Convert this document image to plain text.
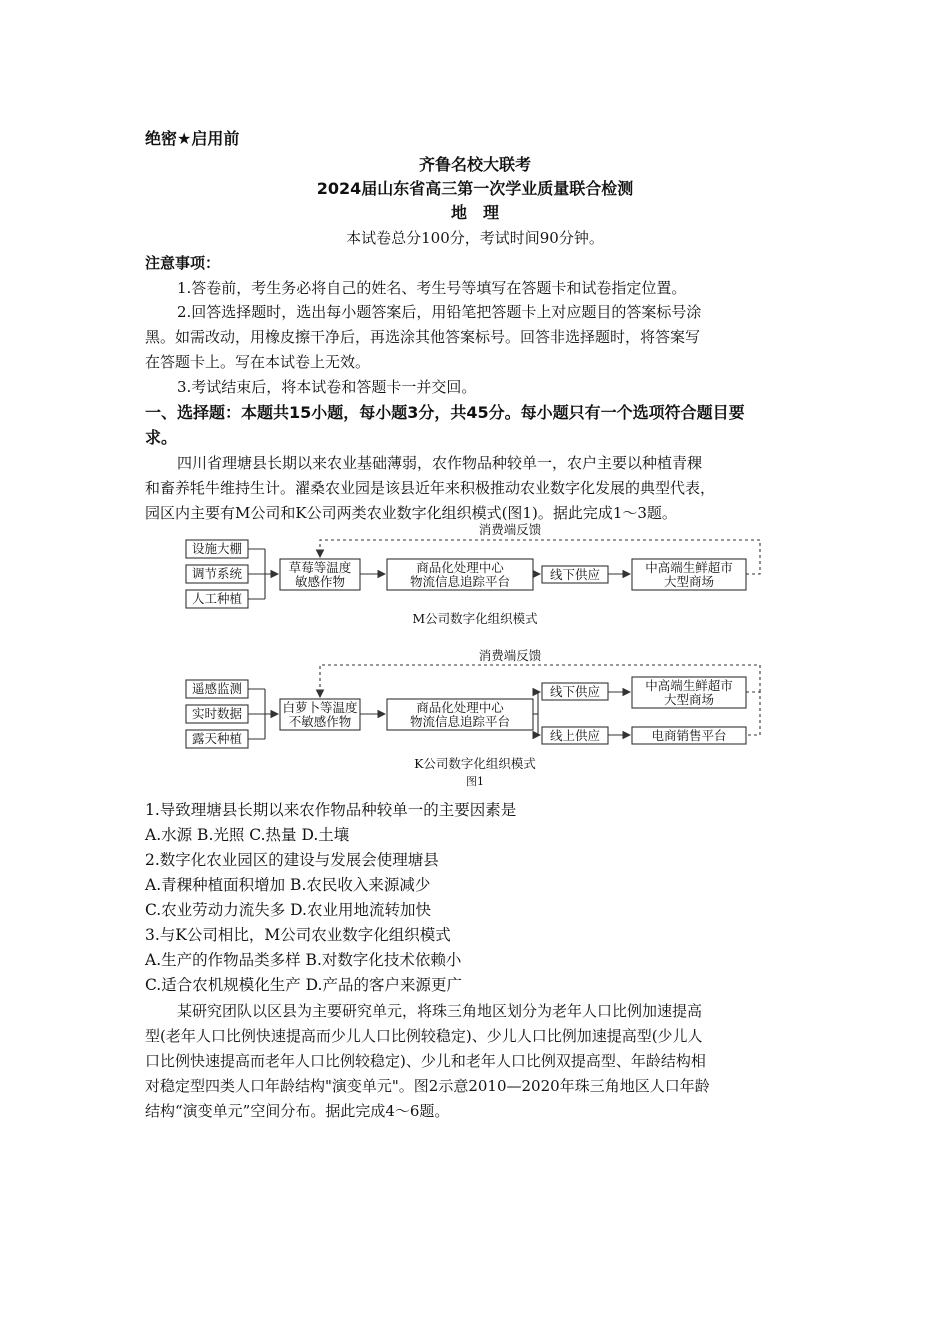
绝密★启用前
齐鲁名校大联考
2024届山东省高三第一次学业质量联合检测
地　理
本试卷总分100分，考试时间90分钟。
注意事项：
1.答卷前，考生务必将自己的姓名、考生号等填写在答题卡和试卷指定位置。
2.回答选择题时，选出每小题答案后，用铅笔把答题卡上对应题目的答案标号涂
黑。如需改动，用橡皮擦干净后，再选涂其他答案标号。回答非选择题时，将答案写
在答题卡上。写在本试卷上无效。
3.考试结束后，将本试卷和答题卡一并交回。
一、选择题：本题共15小题，每小题3分，共45分。每小题只有一个选项符合题目要
求。
四川省理塘县长期以来农业基础薄弱，农作物品种较单一，农户主要以种植青稞
和畜养牦牛维持生计。濯桑农业园是该县近年来积极推动农业数字化发展的典型代表，
园区内主要有M公司和K公司两类农业数字化组织模式(图1)。据此完成1～3题。
消费端反馈
设施大棚
调节系统
人工种植
草莓等温度
敏感作物
商品化处理中心
物流信息追踪平台	线下供应	中高端生鲜超市
大型商场
M公司数字化组织模式
消费端反馈
遥感监测
实时数据
露天种植
白萝卜等温度
不敏感作物
商品化处理中心
物流信息追踪平台
线下供应
线上供应
中高端生鲜超市
大型商场
电商销售平台
K公司数字化组织模式
图1
1.导致理塘县长期以来农作物品种较单一的主要因素是
A.水源 B.光照 C.热量 D.土壤
2.数字化农业园区的建设与发展会使理塘县
A.青稞种植面积增加 B.农民收入来源减少
C.农业劳动力流失多 D.农业用地流转加快
3.与K公司相比，M公司农业数字化组织模式
A.生产的作物品类多样 B.对数字化技术依赖小
C.适合农机规模化生产 D.产品的客户来源更广
某研究团队以区县为主要研究单元，将珠三角地区划分为老年人口比例加速提高
型(老年人口比例快速提高而少儿人口比例较稳定)、少儿人口比例加速提高型(少儿人
口比例快速提高而老年人口比例较稳定)、少儿和老年人口比例双提高型、年龄结构相
对稳定型四类人口年龄结构"演变单元"。图2示意2010—2020年珠三角地区人口年龄
结构“演变单元”空间分布。据此完成4～6题。
